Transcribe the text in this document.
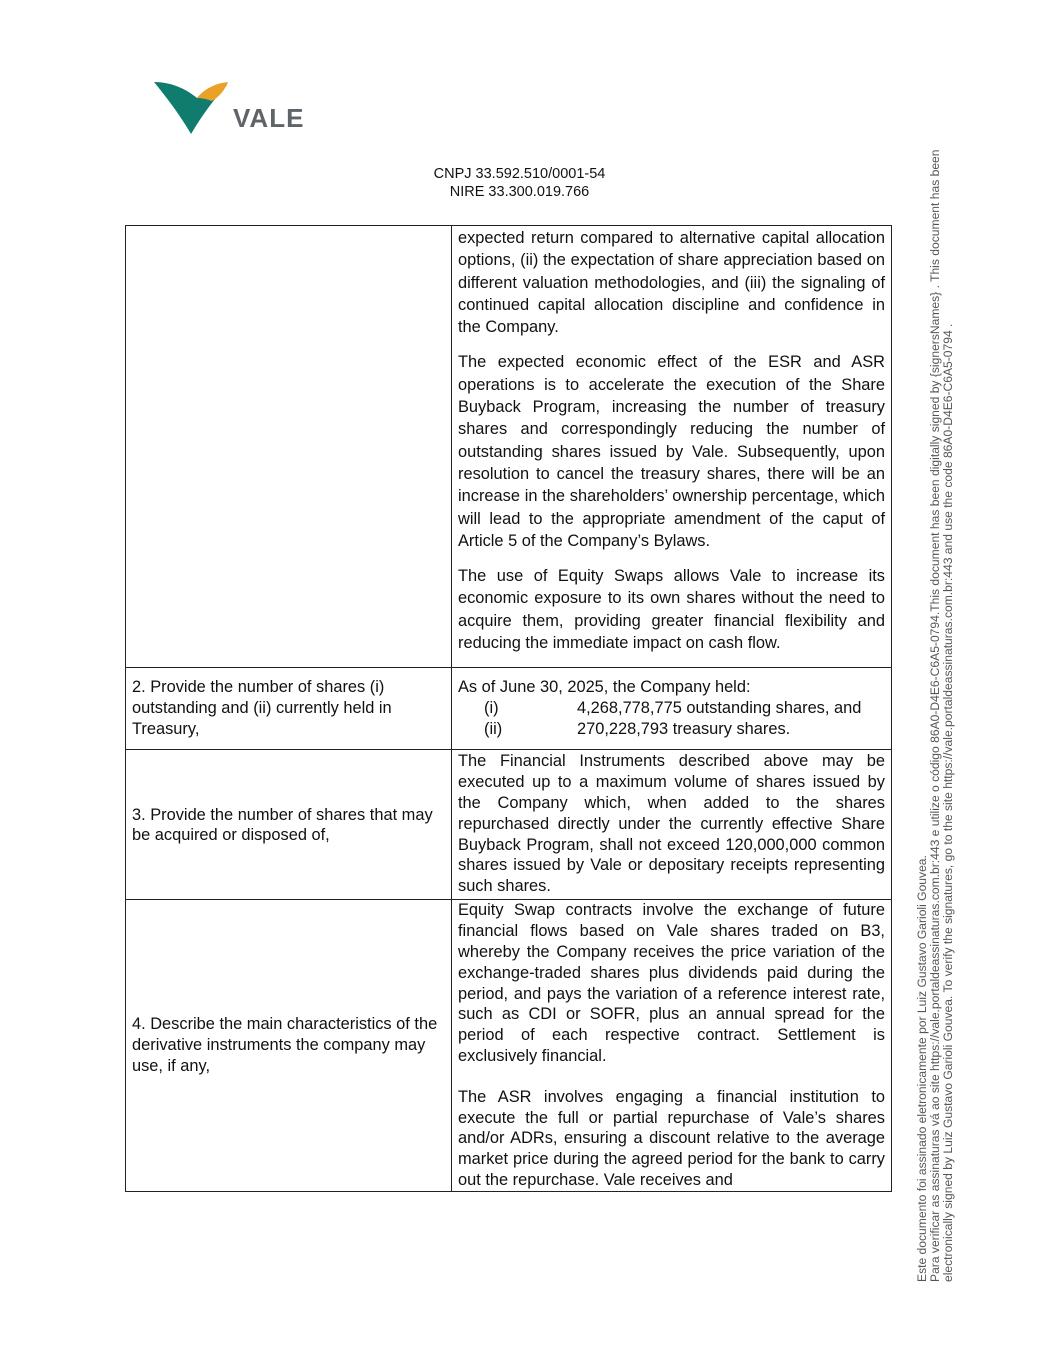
VALE
CNPJ 33.592.510/0001-54
NIRE 33.300.019.766

	expected return compared to alternative capital allocation options, (ii) the expectation of share appreciation based on different valuation methodologies, and (iii) the signaling of continued capital allocation discipline and confidence in the Company.

The expected economic effect of the ESR and ASR operations is to accelerate the execution of the Share Buyback Program, increasing the number of treasury shares and correspondingly reducing the number of outstanding shares issued by Vale. Subsequently, upon resolution to cancel the treasury shares, there will be an increase in the shareholders’ ownership percentage, which will lead to the appropriate amendment of the caput of Article 5 of the Company’s Bylaws.

The use of Equity Swaps allows Vale to increase its economic exposure to its own shares without the need to acquire them, providing greater financial flexibility and reducing the immediate impact on cash flow.

2. Provide the number of shares (i) outstanding and (ii) currently held in Treasury,	As of June 30, 2025, the Company held:
(i) 4,268,778,775 outstanding shares, and
(ii) 270,228,793 treasury shares.

3. Provide the number of shares that may be acquired or disposed of,	The Financial Instruments described above may be executed up to a maximum volume of shares issued by the Company which, when added to the shares repurchased directly under the currently effective Share Buyback Program, shall not exceed 120,000,000 common shares issued by Vale or depositary receipts representing such shares.

4. Describe the main characteristics of the derivative instruments the company may use, if any,	Equity Swap contracts involve the exchange of future financial flows based on Vale shares traded on B3, whereby the Company receives the price variation of the exchange-traded shares plus dividends paid during the period, and pays the variation of a reference interest rate, such as CDI or SOFR, plus an annual spread for the period of each respective contract. Settlement is exclusively financial.

The ASR involves engaging a financial institution to execute the full or partial repurchase of Vale’s shares and/or ADRs, ensuring a discount relative to the average market price during the agreed period for the bank to carry out the repurchase. Vale receives and	Este documento foi assinado eletronicamente por Luiz Gustavo Garioli Gouvea. Para verificar as assinaturas vá ao site https://vale.portaldeassinaturas.com.br:443 e utilize o código 86A0-D4E6-C6A5-0794.This document has been digitally signed by {signersNames} . This document has been electronically signed by Luiz Gustavo Garioli Gouvea. To verify the signatures, go to the site https://vale.portaldeassinaturas.com.br:443 and use the code 86A0-D4E6-C6A5-0794 .
